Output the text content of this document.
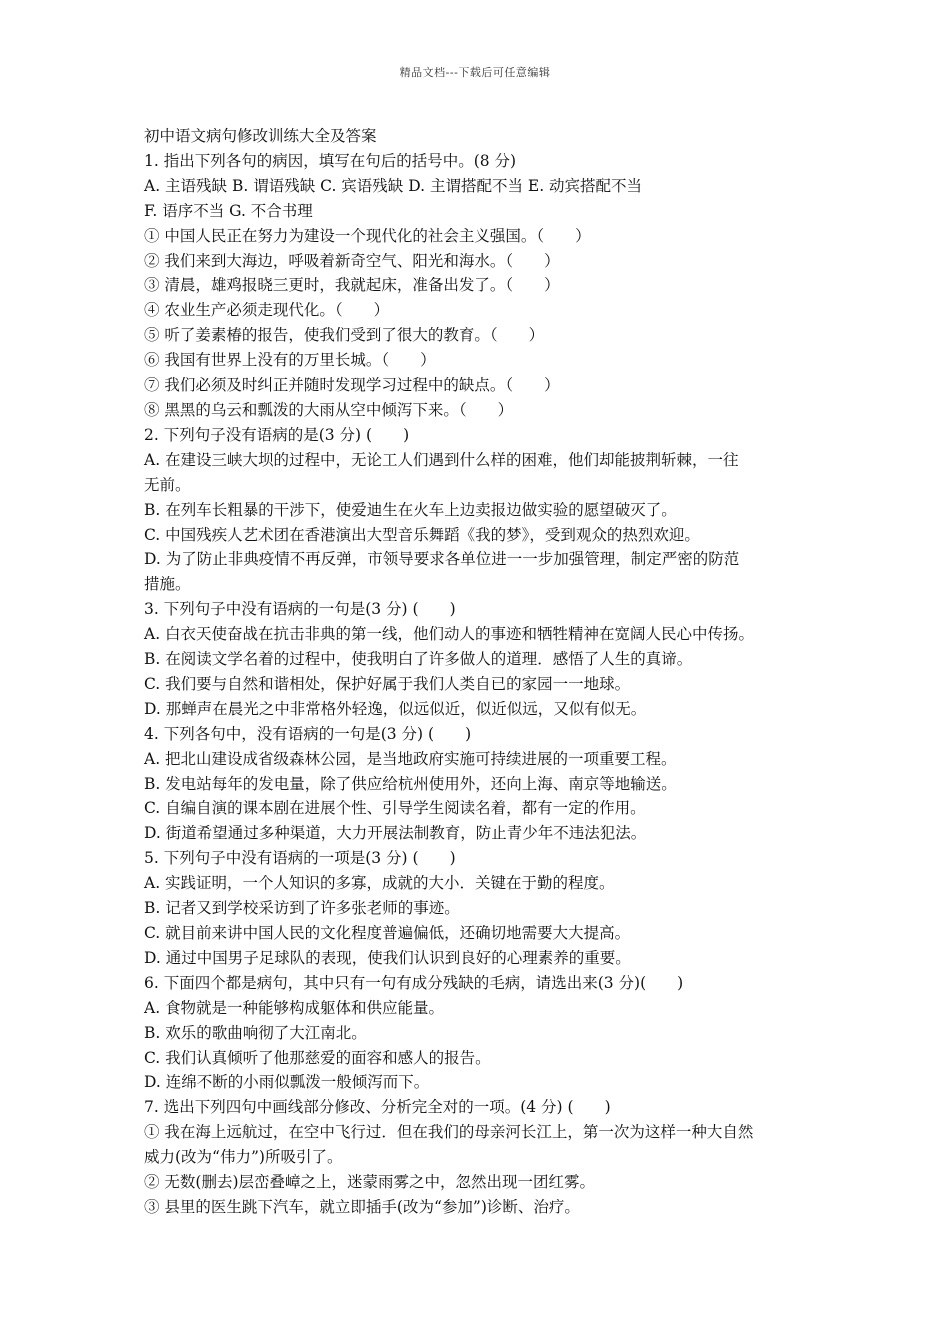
精品文档---下载后可任意编辑

初中语文病句修改训练大全及答案

1. 指出下列各句的病因，填写在句后的括号中。(8 分)

A. 主语残缺 B. 谓语残缺 C. 宾语残缺 D. 主谓搭配不当 E. 动宾搭配不当

F. 语序不当 G. 不合书理

① 中国人民正在努力为建设一个现代化的社会主义强国。（　　）

② 我们来到大海边，呼吸着新奇空气、阳光和海水。（　　）

③ 清晨，雄鸡报晓三更时，我就起床，准备出发了。（　　）

④ 农业生产必须走现代化。（　　）

⑤ 听了姜素椿的报告，使我们受到了很大的教育。（　　）

⑥ 我国有世界上没有的万里长城。（　　）

⑦ 我们必须及时纠正并随时发现学习过程中的缺点。（　　）

⑧ 黑黑的乌云和瓢泼的大雨从空中倾泻下来。（　　）

2. 下列句子没有语病的是(3 分) (　　)

A. 在建设三峡大坝的过程中，无论工人们遇到什么样的困难，他们却能披荆斩棘，一往

无前。

B. 在列车长粗暴的干涉下，使爱迪生在火车上边卖报边做实验的愿望破灭了。

C. 中国残疾人艺术团在香港演出大型音乐舞蹈《我的梦》，受到观众的热烈欢迎。

D. 为了防止非典疫情不再反弹，市领导要求各单位进一一步加强管理，制定严密的防范

措施。

3. 下列句子中没有语病的一句是(3 分) (　　)

A. 白衣天使奋战在抗击非典的第一线，他们动人的事迹和牺牲精神在宽阔人民心中传扬。

B. 在阅读文学名着的过程中，使我明白了许多做人的道理．感悟了人生的真谛。

C. 我们要与自然和谐相处，保护好属于我们人类自已的家园一一地球。

D. 那蝉声在晨光之中非常格外轻逸，似远似近，似近似远，又似有似无。

4. 下列各句中，没有语病的一句是(3 分) (　　)

A. 把北山建设成省级森林公园，是当地政府实施可持续进展的一项重要工程。

B. 发电站每年的发电量，除了供应给杭州使用外，还向上海、南京等地输送。

C. 自编自演的课本剧在进展个性、引导学生阅读名着，都有一定的作用。

D. 街道希望通过多种渠道，大力开展法制教育，防止青少年不违法犯法。

5. 下列句子中没有语病的一项是(3 分) (　　)

A. 实践证明，一个人知识的多寡，成就的大小．关键在于勤的程度。

B. 记者又到学校采访到了许多张老师的事迹。

C. 就目前来讲中国人民的文化程度普遍偏低，还确切地需要大大提高。

D. 通过中国男子足球队的表现，使我们认识到良好的心理素养的重要。

6. 下面四个都是病句，其中只有一句有成分残缺的毛病，请选出来(3 分)(　　)

A. 食物就是一种能够构成躯体和供应能量。

B. 欢乐的歌曲响彻了大江南北。

C. 我们认真倾听了他那慈爱的面容和感人的报告。

D. 连绵不断的小雨似瓢泼一般倾泻而下。

7. 选出下列四句中画线部分修改、分析完全对的一项。(4 分) (　　)

① 我在海上远航过，在空中飞行过．但在我们的母亲河长江上，第一次为这样一种大自然

威力(改为“伟力”)所吸引了。

② 无数(删去)层峦叠嶂之上，迷蒙雨雾之中，忽然出现一团红雾。

③ 县里的医生跳下汽车，就立即插手(改为“参加”)诊断、治疗。
